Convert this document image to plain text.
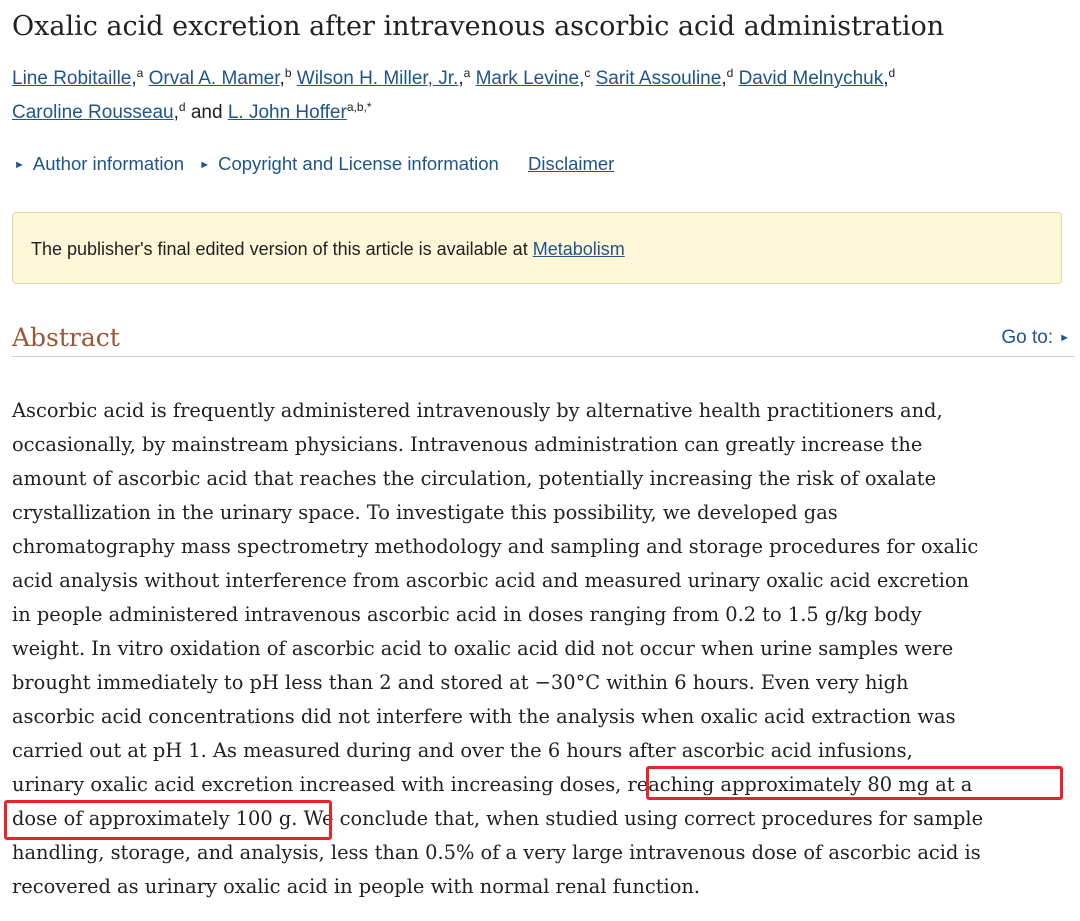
Oxalic acid excretion after intravenous ascorbic acid administration
Line Robitaille,$^a$ Orval A. Mamer,$^b$ Wilson H. Miller, Jr.,$^a$ Mark Levine,$^c$ Sarit Assouline,$^d$ David Melnychuk,$^d$
Caroline Rousseau,$^d$ and L. John Hoffer$^{a,b,*}$
► Author information ► Copyright and License information Disclaimer
The publisher's final edited version of this article is available at Metabolism
Abstract	Go to: ►

Ascorbic acid is frequently administered intravenously by alternative health practitioners and,
occasionally, by mainstream physicians. Intravenous administration can greatly increase the
amount of ascorbic acid that reaches the circulation, potentially increasing the risk of oxalate
crystallization in the urinary space. To investigate this possibility, we developed gas
chromatography mass spectrometry methodology and sampling and storage procedures for oxalic
acid analysis without interference from ascorbic acid and measured urinary oxalic acid excretion
in people administered intravenous ascorbic acid in doses ranging from 0.2 to 1.5 g/kg body
weight. In vitro oxidation of ascorbic acid to oxalic acid did not occur when urine samples were
brought immediately to pH less than 2 and stored at −30°C within 6 hours. Even very high
ascorbic acid concentrations did not interfere with the analysis when oxalic acid extraction was
carried out at pH 1. As measured during and over the 6 hours after ascorbic acid infusions,
urinary oxalic acid excretion increased with increasing doses, reaching approximately 80 mg at a
dose of approximately 100 g. We conclude that, when studied using correct procedures for sample
handling, storage, and analysis, less than 0.5% of a very large intravenous dose of ascorbic acid is
recovered as urinary oxalic acid in people with normal renal function.
